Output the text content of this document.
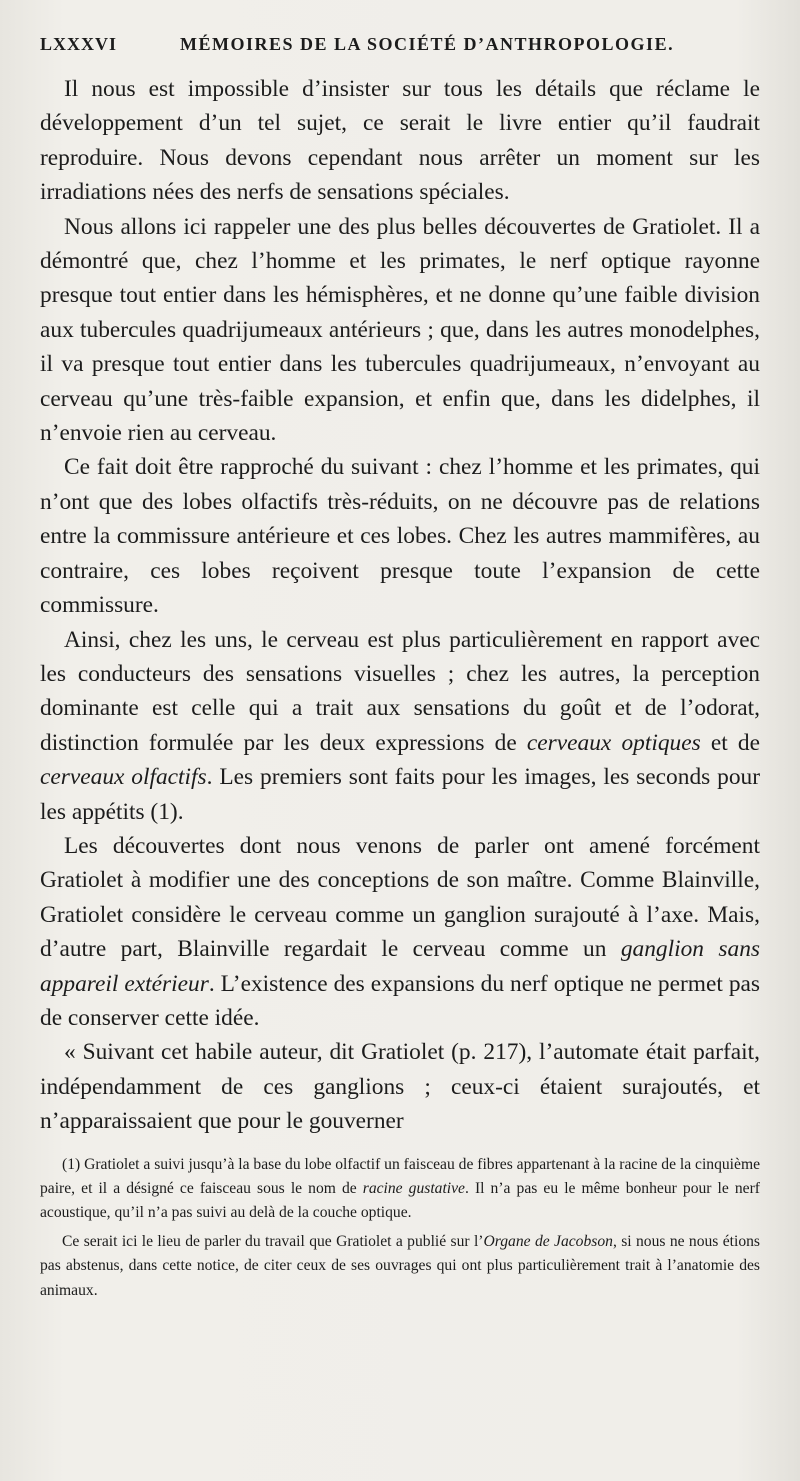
LXXXVI	MÉMOIRES DE LA SOCIÉTÉ D’ANTHROPOLOGIE.

Il nous est impossible d’insister sur tous les détails que réclame le développement d’un tel sujet, ce serait le livre entier qu’il faudrait reproduire. Nous devons cependant nous arrêter un moment sur les irradiations nées des nerfs de sensations spéciales.

Nous allons ici rappeler une des plus belles découvertes de Gratiolet. Il a démontré que, chez l’homme et les primates, le nerf optique rayonne presque tout entier dans les hémisphères, et ne donne qu’une faible division aux tubercules quadrijumeaux antérieurs ; que, dans les autres monodelphes, il va presque tout entier dans les tubercules quadrijumeaux, n’envoyant au cerveau qu’une très-faible expansion, et enfin que, dans les didelphes, il n’envoie rien au cerveau.

Ce fait doit être rapproché du suivant : chez l’homme et les primates, qui n’ont que des lobes olfactifs très-réduits, on ne découvre pas de relations entre la commissure antérieure et ces lobes. Chez les autres mammifères, au contraire, ces lobes reçoivent presque toute l’expansion de cette commissure.

Ainsi, chez les uns, le cerveau est plus particulièrement en rapport avec les conducteurs des sensations visuelles ; chez les autres, la perception dominante est celle qui a trait aux sensations du goût et de l’odorat, distinction formulée par les deux expressions de cerveaux optiques et de cerveaux olfactifs. Les premiers sont faits pour les images, les seconds pour les appétits (1).

Les découvertes dont nous venons de parler ont amené forcément Gratiolet à modifier une des conceptions de son maître. Comme Blainville, Gratiolet considère le cerveau comme un ganglion surajouté à l’axe. Mais, d’autre part, Blainville regardait le cerveau comme un ganglion sans appareil extérieur. L’existence des expansions du nerf optique ne permet pas de conserver cette idée.

« Suivant cet habile auteur, dit Gratiolet (p. 217), l’automate était parfait, indépendamment de ces ganglions ; ceux-ci étaient surajoutés, et n’apparaissaient que pour le gouverner

(1) Gratiolet a suivi jusqu’à la base du lobe olfactif un faisceau de fibres appartenant à la racine de la cinquième paire, et il a désigné ce faisceau sous le nom de racine gustative. Il n’a pas eu le même bonheur pour le nerf acoustique, qu’il n’a pas suivi au delà de la couche optique.

Ce serait ici le lieu de parler du travail que Gratiolet a publié sur l’Organe de Jacobson, si nous ne nous étions pas abstenus, dans cette notice, de citer ceux de ses ouvrages qui ont plus particulièrement trait à l’anatomie des animaux.
